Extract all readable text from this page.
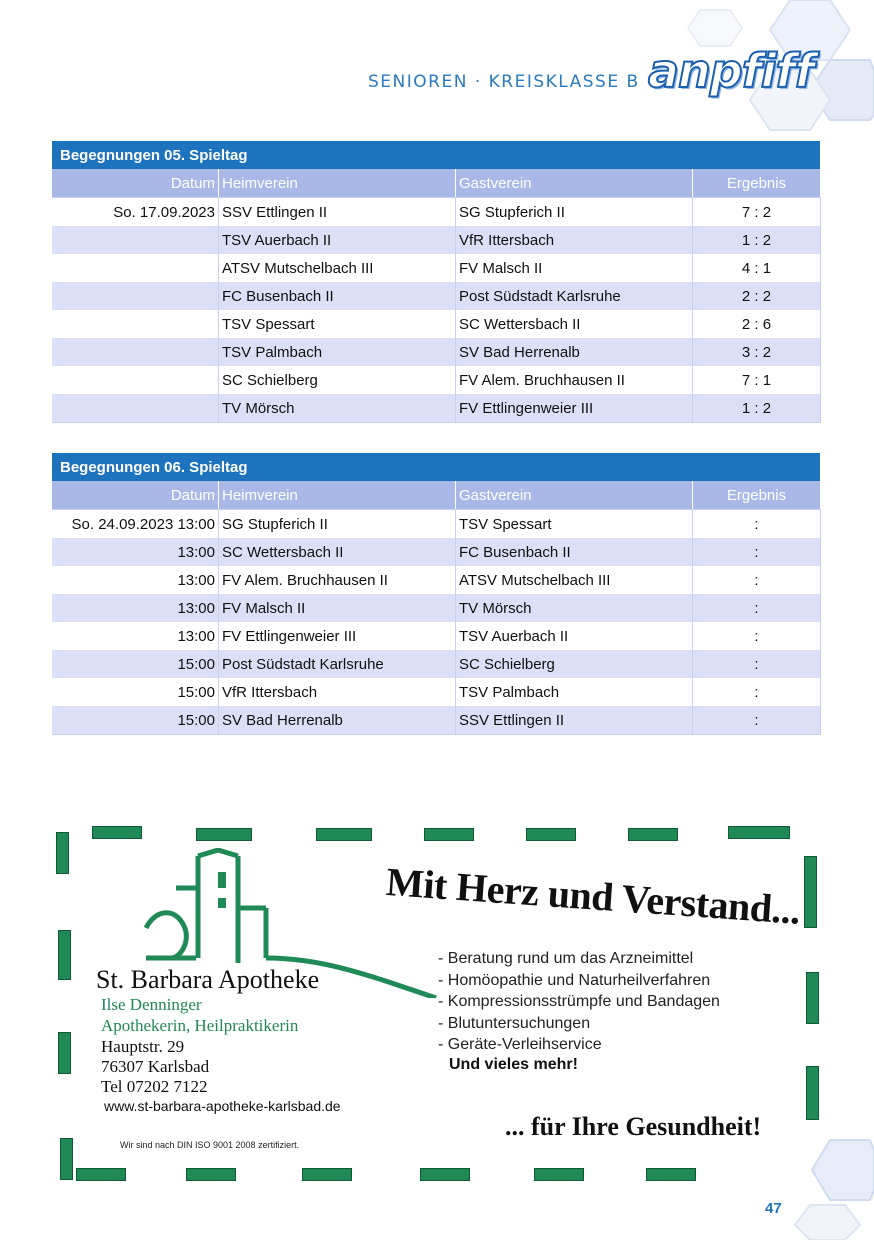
SENIOREN · KREISKLASSE B anpfiff
Begegnungen 05. Spieltag			
Datum	Heimverein	Gastverein	Ergebnis
So. 17.09.2023	SSV Ettlingen II	SG Stupferich II	7 : 2
	TSV Auerbach II	VfR Ittersbach	1 : 2
	ATSV Mutschelbach III	FV Malsch II	4 : 1
	FC Busenbach II	Post Südstadt Karlsruhe	2 : 2
	TSV Spessart	SC Wettersbach II	2 : 6
	TSV Palmbach	SV Bad Herrenalb	3 : 2
	SC Schielberg	FV Alem. Bruchhausen II	7 : 1
	TV Mörsch	FV Ettlingenweier III	1 : 2
Begegnungen 06. Spieltag			
Datum	Heimverein	Gastverein	Ergebnis
So. 24.09.2023 13:00	SG Stupferich II	TSV Spessart	:
13:00	SC Wettersbach II	FC Busenbach II	:
13:00	FV Alem. Bruchhausen II	ATSV Mutschelbach III	:
13:00	FV Malsch II	TV Mörsch	:
13:00	FV Ettlingenweier III	TSV Auerbach II	:
15:00	Post Südstadt Karlsruhe	SC Schielberg	:
15:00	VfR Ittersbach	TSV Palmbach	:
15:00	SV Bad Herrenalb	SSV Ettlingen II	:
Mit Herz und Verstand...
- Beratung rund um das Arzneimittel
- Homöopathie und Naturheilverfahren
- Kompressionsstrümpfe und Bandagen
- Blutuntersuchungen
- Geräte-Verleihservice
Und vieles mehr!
... für Ihre Gesundheit!
St. Barbara Apotheke
Ilse Denninger
Apothekerin, Heilpraktikerin
Hauptstr. 29
76307 Karlsbad
Tel 07202 7122
www.st-barbara-apotheke-karlsbad.de
Wir sind nach DIN ISO 9001 2008 zertifiziert.
47
